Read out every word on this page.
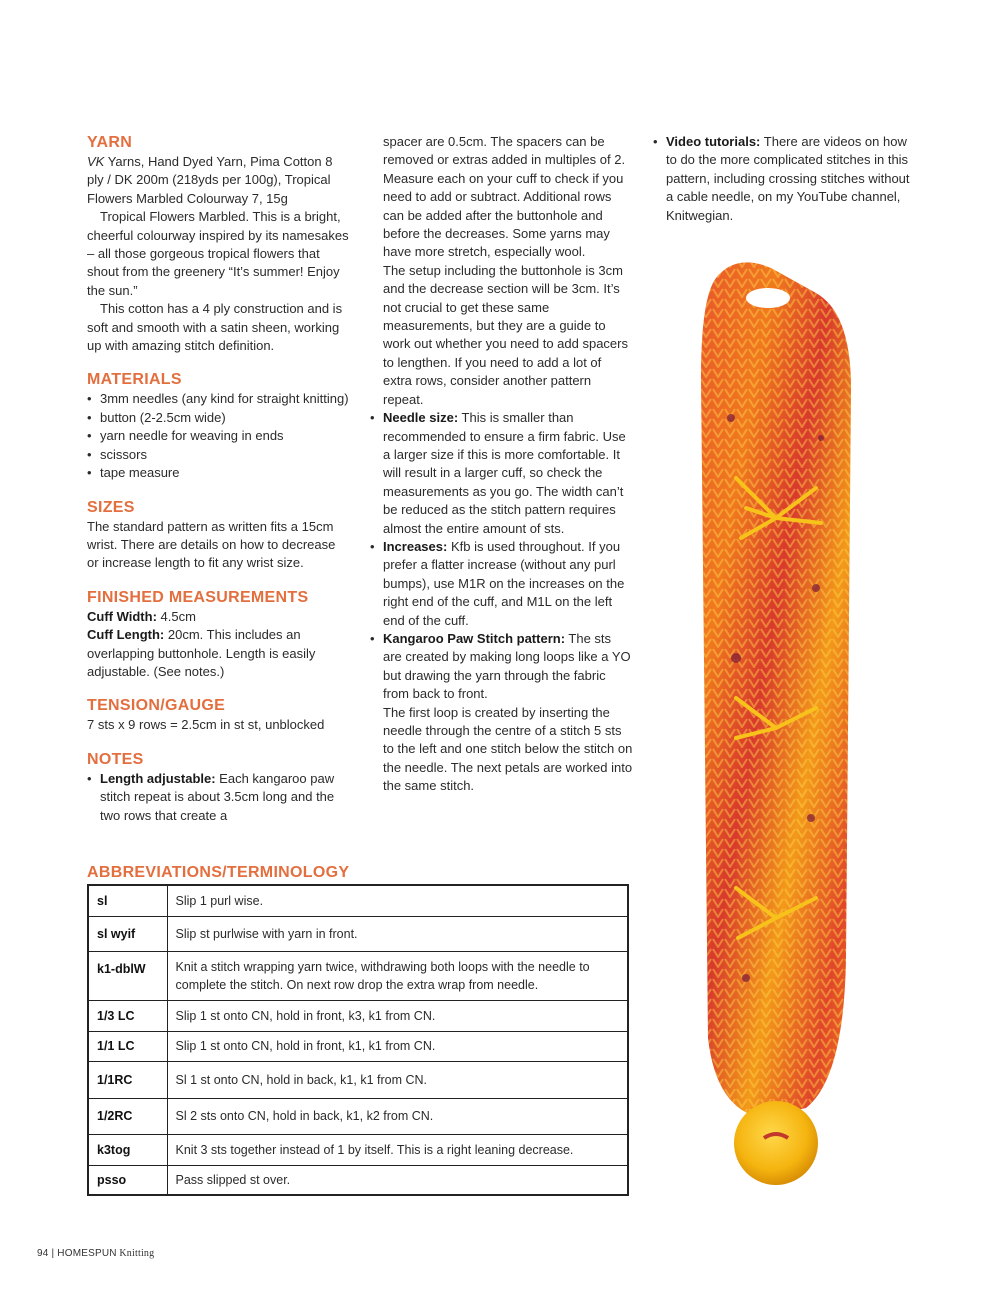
YARN

VK Yarns, Hand Dyed Yarn, Pima Cotton 8 ply / DK 200m (218yds per 100g), Tropical Flowers Marbled Colourway 7, 15g

Tropical Flowers Marbled. This is a bright, cheerful colourway inspired by its namesakes – all those gorgeous tropical flowers that shout from the greenery “It’s summer! Enjoy the sun.”

This cotton has a 4 ply construction and is soft and smooth with a satin sheen, working up with amazing stitch definition.

MATERIALS
• 3mm needles (any kind for straight knitting)
• button (2-2.5cm wide)
• yarn needle for weaving in ends
• scissors
• tape measure
SIZES

The standard pattern as written fits a 15cm wrist. There are details on how to decrease or increase length to fit any wrist size.

FINISHED MEASUREMENTS

Cuff Width: 4.5cm

Cuff Length: 20cm. This includes an overlapping buttonhole. Length is easily adjustable. (See notes.)

TENSION/GAUGE

7 sts x 9 rows = 2.5cm in st st, unblocked

NOTES

• Length adjustable: Each kangaroo paw stitch repeat is about 3.5cm long and the two rows that create a

spacer are 0.5cm. The spacers can be removed or extras added in multiples of 2. Measure each on your cuff to check if you need to add or subtract. Additional rows can be added after the buttonhole and before the decreases. Some yarns may have more stretch, especially wool.

The setup including the buttonhole is 3cm and the decrease section will be 3cm. It’s not crucial to get these same measurements, but they are a guide to work out whether you need to add spacers to lengthen. If you need to add a lot of extra rows, consider another pattern repeat.

• Needle size: This is smaller than recommended to ensure a firm fabric. Use a larger size if this is more comfortable. It will result in a larger cuff, so check the measurements as you go. The width can’t be reduced as the stitch pattern requires almost the entire amount of sts.

• Increases: Kfb is used throughout. If you prefer a flatter increase (without any purl bumps), use M1R on the increases on the right end of the cuff, and M1L on the left end of the cuff.

• Kangaroo Paw Stitch pattern: The sts are created by making long loops like a YO but drawing the yarn through the fabric from back to front.

The first loop is created by inserting the needle through the centre of a stitch 5 sts to the left and one stitch below the stitch on the needle. The next petals are worked into the same stitch.

• Video tutorials: There are videos on how to do the more complicated stitches in this pattern, including crossing stitches without a cable needle, on my YouTube channel, Knitwegian.

ABBREVIATIONS/TERMINOLOGY
sl	Slip 1 purl wise.
sl wyif	Slip st purlwise with yarn in front.
k1-dblW	Knit a stitch wrapping yarn twice, withdrawing both loops with the needle to complete the stitch. On next row drop the extra wrap from needle.
1/3 LC	Slip 1 st onto CN, hold in front, k3, k1 from CN.
1/1 LC	Slip 1 st onto CN, hold in front, k1, k1 from CN.
1/1RC	Sl 1 st onto CN, hold in back, k1, k1 from CN.
1/2RC	Sl 2 sts onto CN, hold in back, k1, k2 from CN.
k3tog	Knit 3 sts together instead of 1 by itself. This is a right leaning decrease.
psso	Pass slipped st over.
94 | HOMESPUN Knitting
